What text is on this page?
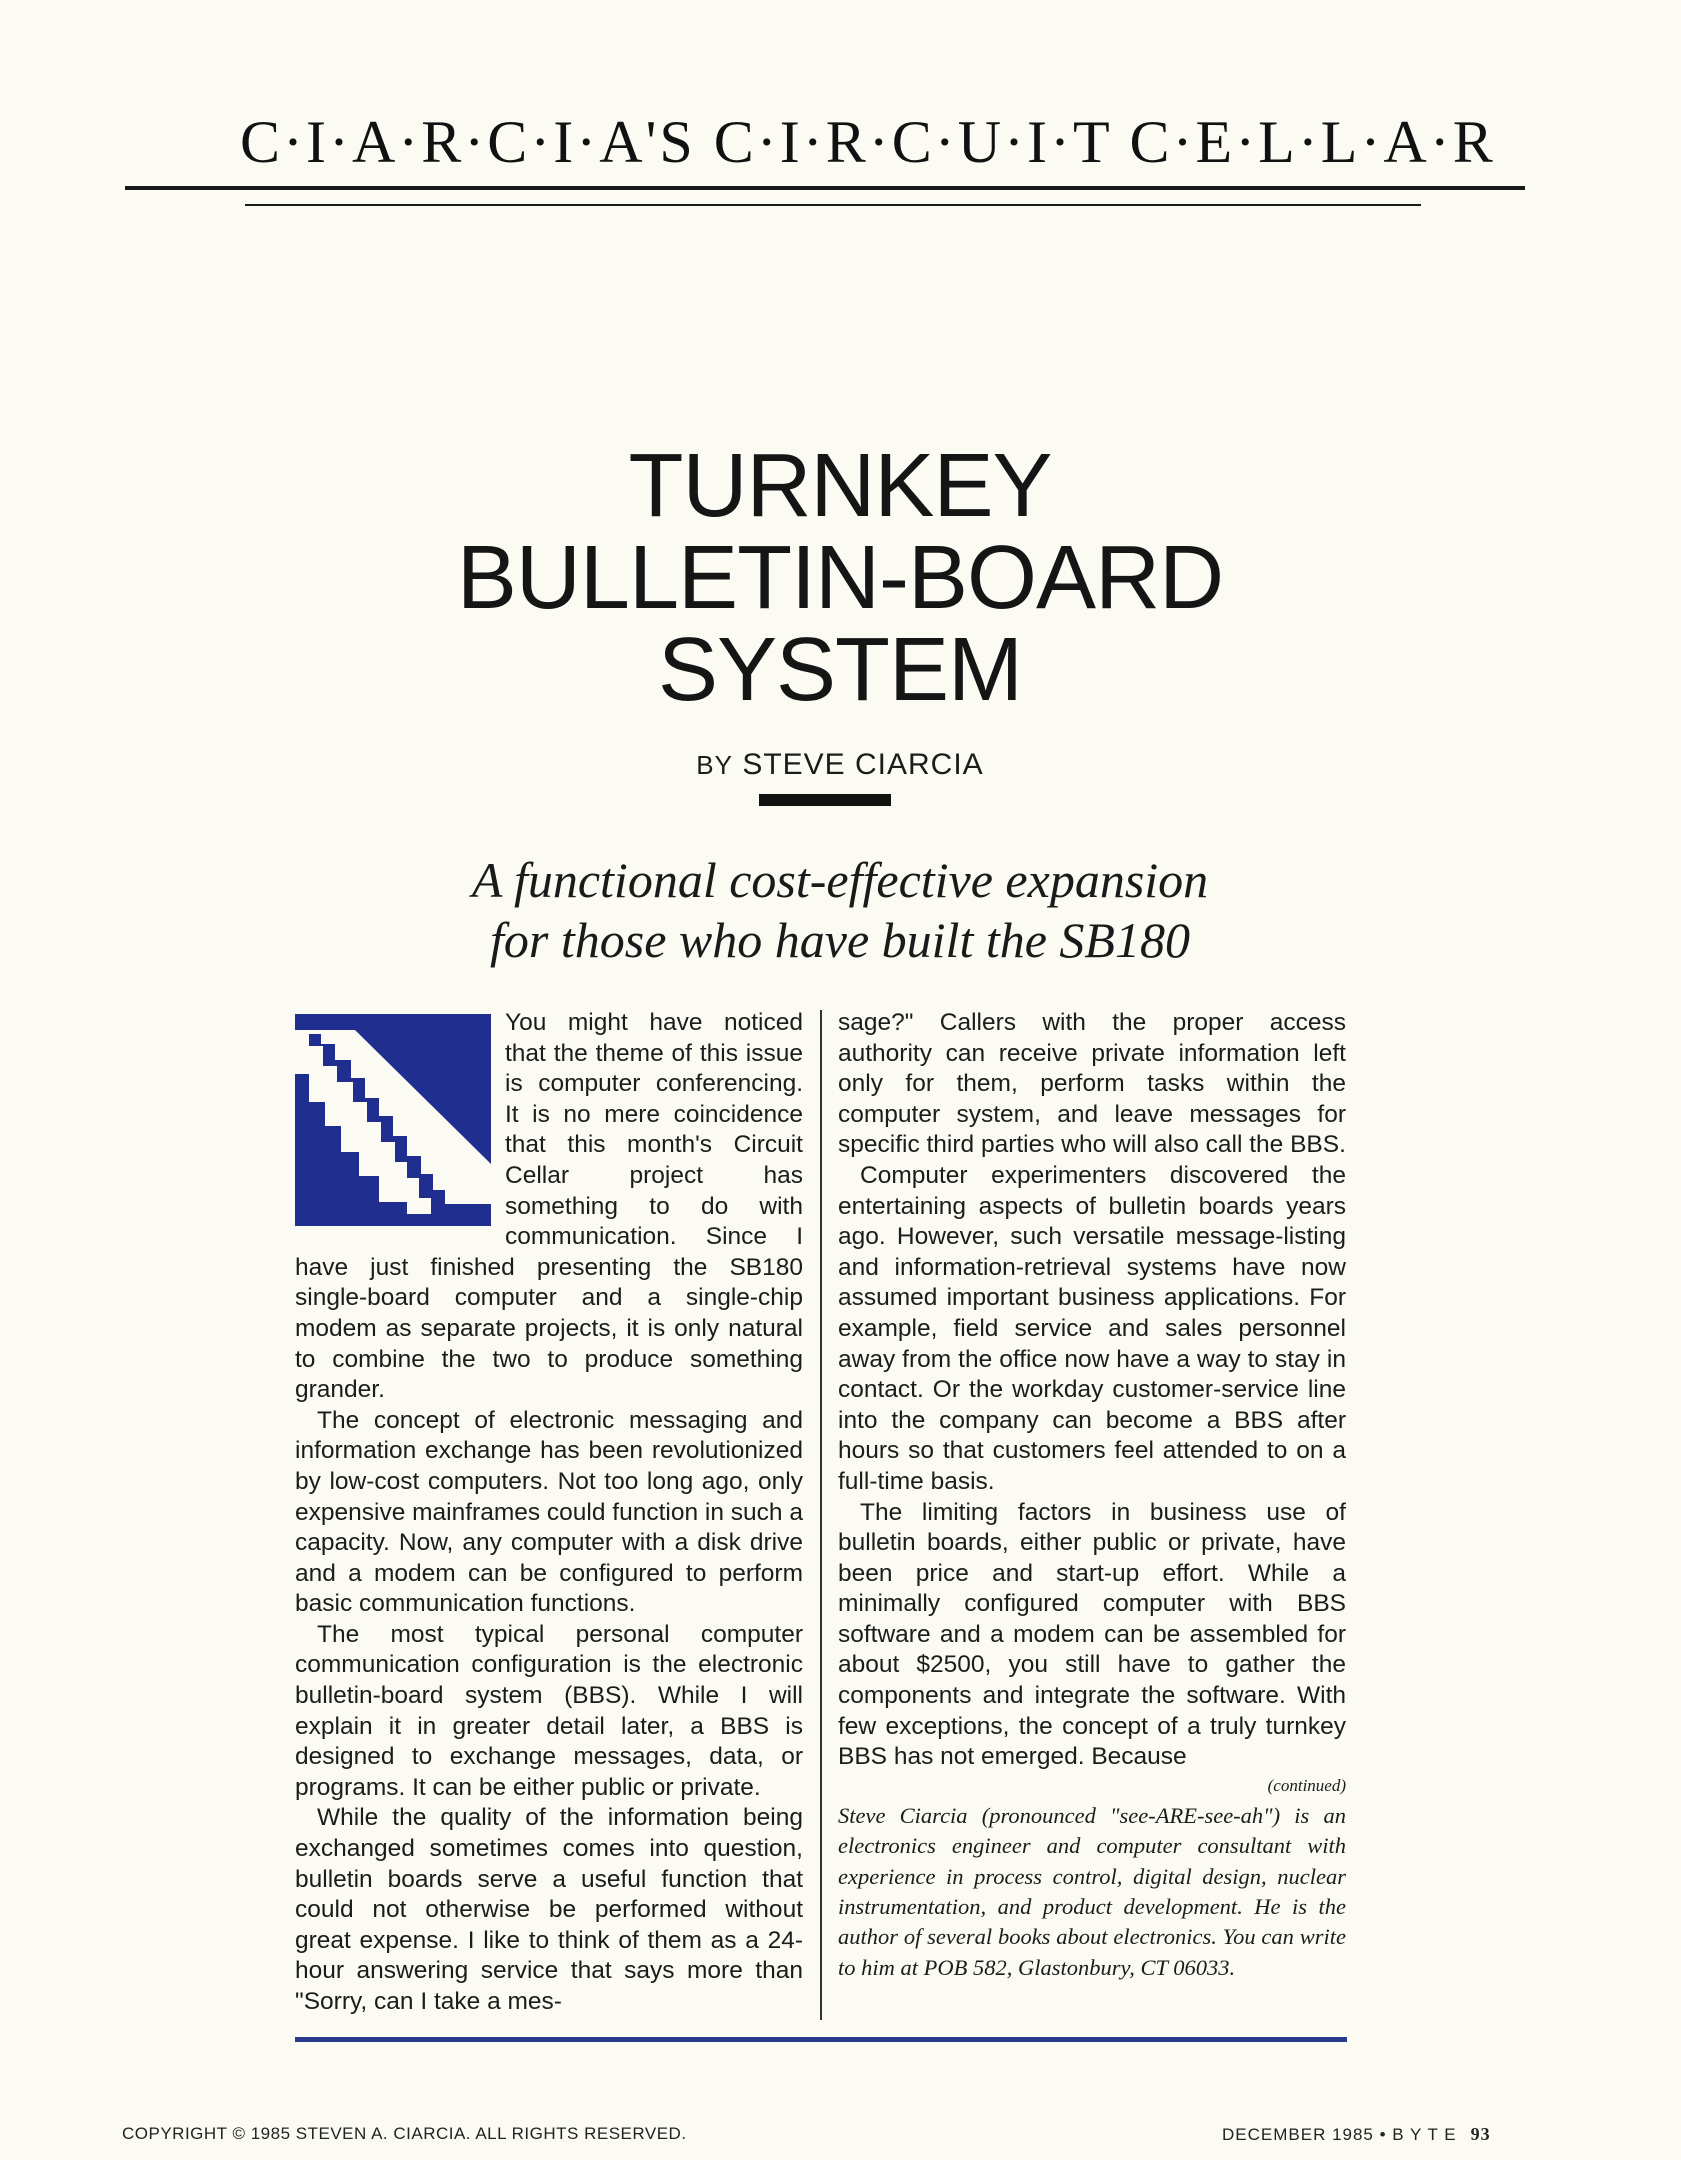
C·I·A·R·C·I·A'S C·I·R·C·U·I·T C·E·L·L·A·R
TURNKEY
BULLETIN-BOARD
SYSTEM
BY STEVE CIARCIA
A functional cost-effective expansion
for those who have built the SB180

You might have noticed that the theme of this issue is computer conferencing. It is no mere coincidence that this month's Circuit Cellar project has something to do with communication. Since I have just finished presenting the SB180 single-board computer and a single-chip modem as separate projects, it is only natural to combine the two to produce something grander.

The concept of electronic messaging and information exchange has been revolutionized by low-cost computers. Not too long ago, only expensive mainframes could function in such a capacity. Now, any computer with a disk drive and a modem can be configured to perform basic communication functions.

The most typical personal computer communication configuration is the electronic bulletin-board system (BBS). While I will explain it in greater detail later, a BBS is designed to exchange messages, data, or programs. It can be either public or private.

While the quality of the information being exchanged sometimes comes into question, bulletin boards serve a useful function that could not otherwise be performed without great expense. I like to think of them as a 24-hour answering service that says more than "Sorry, can I take a mes-

sage?" Callers with the proper access authority can receive private information left only for them, perform tasks within the computer system, and leave messages for specific third parties who will also call the BBS.

Computer experimenters discovered the entertaining aspects of bulletin boards years ago. However, such versatile message-listing and information-retrieval systems have now assumed important business applications. For example, field service and sales personnel away from the office now have a way to stay in contact. Or the workday customer-service line into the company can become a BBS after hours so that customers feel attended to on a full-time basis.

The limiting factors in business use of bulletin boards, either public or private, have been price and start-up effort. While a minimally configured computer with BBS software and a modem can be assembled for about $2500, you still have to gather the components and integrate the software. With few exceptions, the concept of a truly turnkey BBS has not emerged. Because

(continued)
Steve Ciarcia (pronounced "see-ARE-see-ah") is an electronics engineer and computer consultant with experience in process control, digital design, nuclear instrumentation, and product development. He is the author of several books about electronics. You can write to him at POB 582, Glastonbury, CT 06033.
COPYRIGHT © 1985 STEVEN A. CIARCIA. ALL RIGHTS RESERVED.	DECEMBER 1985 • B Y T E 93
